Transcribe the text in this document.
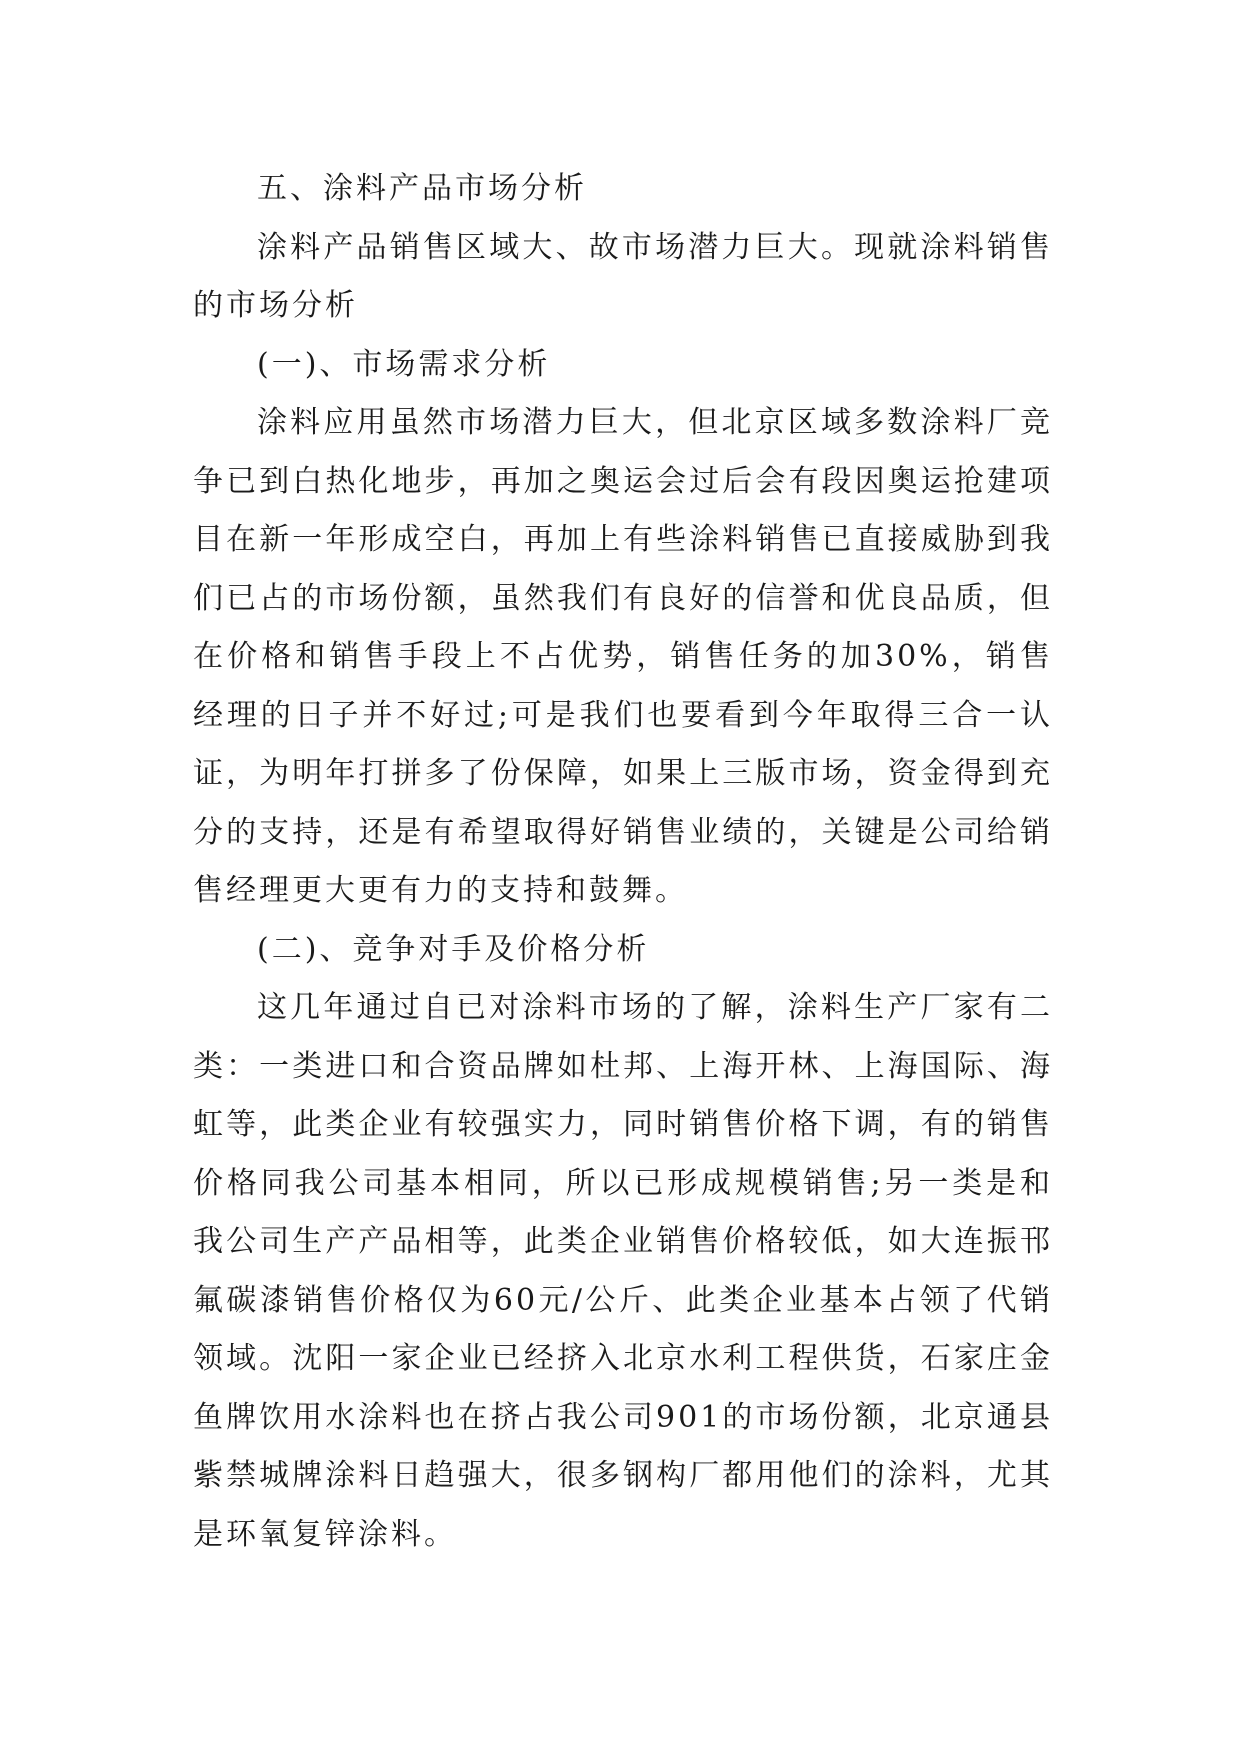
五、涂料产品市场分析

涂料产品销售区域大、故市场潜力巨大。现就涂料销售的市场分析

(一)、市场需求分析

涂料应用虽然市场潜力巨大，但北京区域多数涂料厂竞争已到白热化地步，再加之奥运会过后会有段因奥运抢建项目在新一年形成空白，再加上有些涂料销售已直接威胁到我们已占的市场份额，虽然我们有良好的信誉和优良品质，但在价格和销售手段上不占优势，销售任务的加30%，销售经理的日子并不好过;可是我们也要看到今年取得三合一认证，为明年打拼多了份保障，如果上三版市场，资金得到充分的支持，还是有希望取得好销售业绩的，关键是公司给销售经理更大更有力的支持和鼓舞。

(二)、竞争对手及价格分析

这几年通过自已对涂料市场的了解，涂料生产厂家有二类：一类进口和合资品牌如杜邦、上海开林、上海国际、海虹等，此类企业有较强实力，同时销售价格下调，有的销售价格同我公司基本相同，所以已形成规模销售;另一类是和我公司生产产品相等，此类企业销售价格较低，如大连振邗氟碳漆销售价格仅为60元/公斤、此类企业基本占领了代销领域。沈阳一家企业已经挤入北京水利工程供货，石家庄金鱼牌饮用水涂料也在挤占我公司901的市场份额，北京通县紫禁城牌涂料日趋强大，很多钢构厂都用他们的涂料，尤其是环氧复锌涂料。
